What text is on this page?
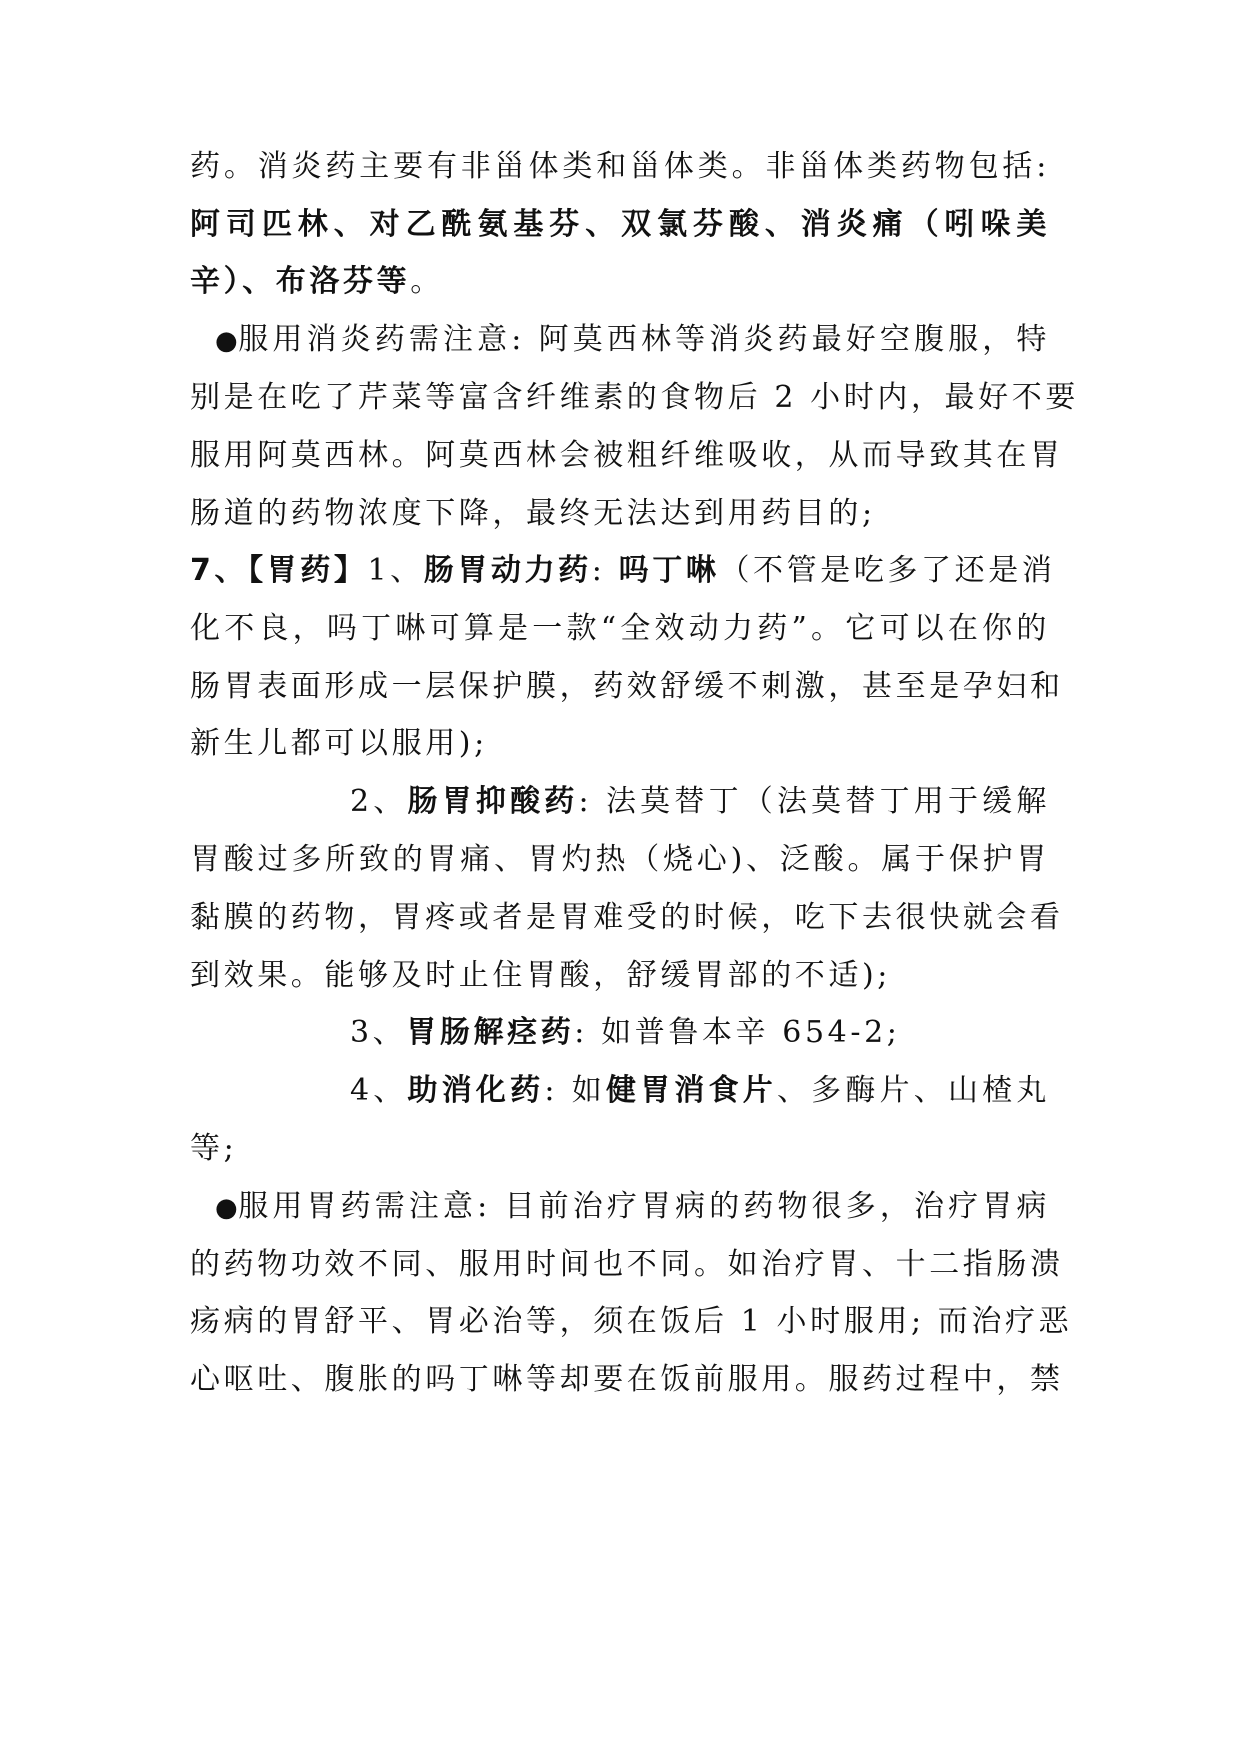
药。消炎药主要有非甾体类和甾体类。非甾体类药物包括:
阿司匹林、对乙酰氨基芬、双氯芬酸、消炎痛（吲哚美
辛）、布洛芬等。
●服用消炎药需注意: 阿莫西林等消炎药最好空腹服，特
别是在吃了芹菜等富含纤维素的食物后 2 小时内，最好不要
服用阿莫西林。阿莫西林会被粗纤维吸收，从而导致其在胃
肠道的药物浓度下降，最终无法达到用药目的;
7、【胃药】1、肠胃动力药: 吗丁啉（不管是吃多了还是消
化不良，吗丁啉可算是一款“全效动力药”。它可以在你的
肠胃表面形成一层保护膜，药效舒缓不刺激，甚至是孕妇和
新生儿都可以服用);
2、肠胃抑酸药: 法莫替丁（法莫替丁用于缓解
胃酸过多所致的胃痛、胃灼热（烧心)、泛酸。属于保护胃
黏膜的药物，胃疼或者是胃难受的时候，吃下去很快就会看
到效果。能够及时止住胃酸，舒缓胃部的不适);
3、胃肠解痉药: 如普鲁本辛 654-2;
4、助消化药: 如健胃消食片、多酶片、山楂丸
等;
●服用胃药需注意: 目前治疗胃病的药物很多，治疗胃病
的药物功效不同、服用时间也不同。如治疗胃、十二指肠溃
疡病的胃舒平、胃必治等，须在饭后 1 小时服用; 而治疗恶
心呕吐、腹胀的吗丁啉等却要在饭前服用。服药过程中，禁
